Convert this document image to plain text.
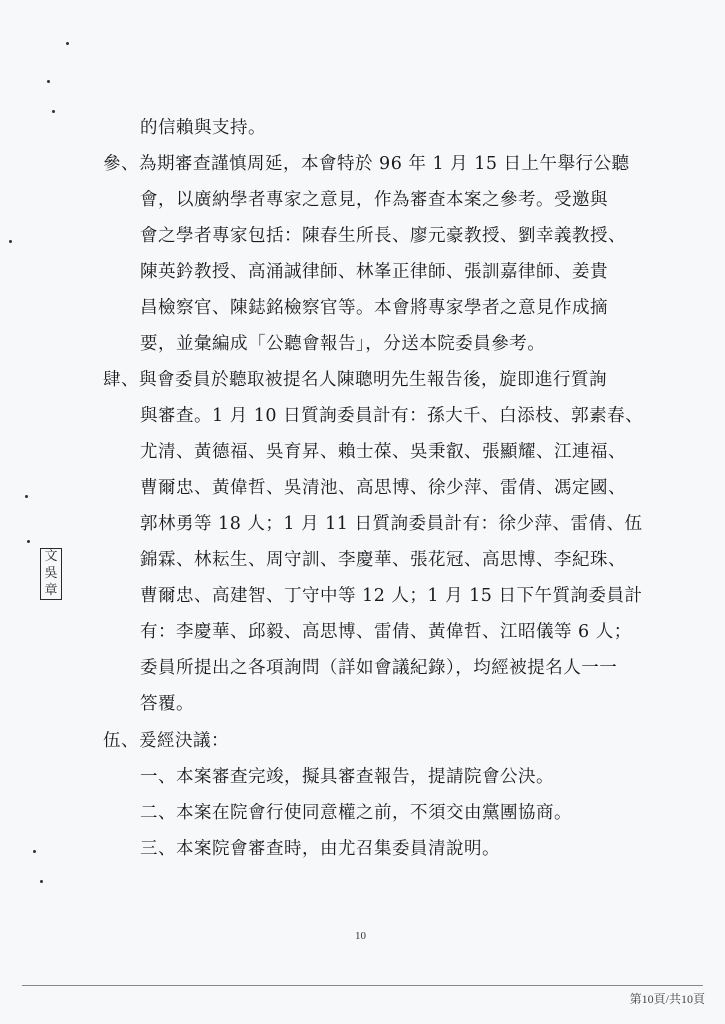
的信賴與支持。
參、為期審查謹慎周延，本會特於 96 年 1 月 15 日上午舉行公聽
會，以廣納學者專家之意見，作為審查本案之參考。受邀與
會之學者專家包括：陳春生所長、廖元豪教授、劉幸義教授、
陳英鈐教授、高涌誠律師、林峯正律師、張訓嘉律師、姜貴
昌檢察官、陳鋕銘檢察官等。本會將專家學者之意見作成摘
要，並彙編成「公聽會報告」，分送本院委員參考。
肆、與會委員於聽取被提名人陳聰明先生報告後，旋即進行質詢
與審查。1 月 10 日質詢委員計有：孫大千、白添枝、郭素春、
尤清、黃德福、吳育昇、賴士葆、吳秉叡、張顯耀、江連福、
曹爾忠、黃偉哲、吳清池、高思博、徐少萍、雷倩、馮定國、
郭林勇等 18 人；1 月 11 日質詢委員計有：徐少萍、雷倩、伍
錦霖、林耘生、周守訓、李慶華、張花冠、高思博、李紀珠、
曹爾忠、高建智、丁守中等 12 人；1 月 15 日下午質詢委員計
有：李慶華、邱毅、高思博、雷倩、黃偉哲、江昭儀等 6 人；
委員所提出之各項詢問（詳如會議紀錄），均經被提名人一一
答覆。
伍、爰經決議：
一、本案審查完竣，擬具審查報告，提請院會公決。
二、本案在院會行使同意權之前，不須交由黨團協商。
三、本案院會審查時，由尤召集委員清說明。
文
吳
章
10
第10頁/共10頁
